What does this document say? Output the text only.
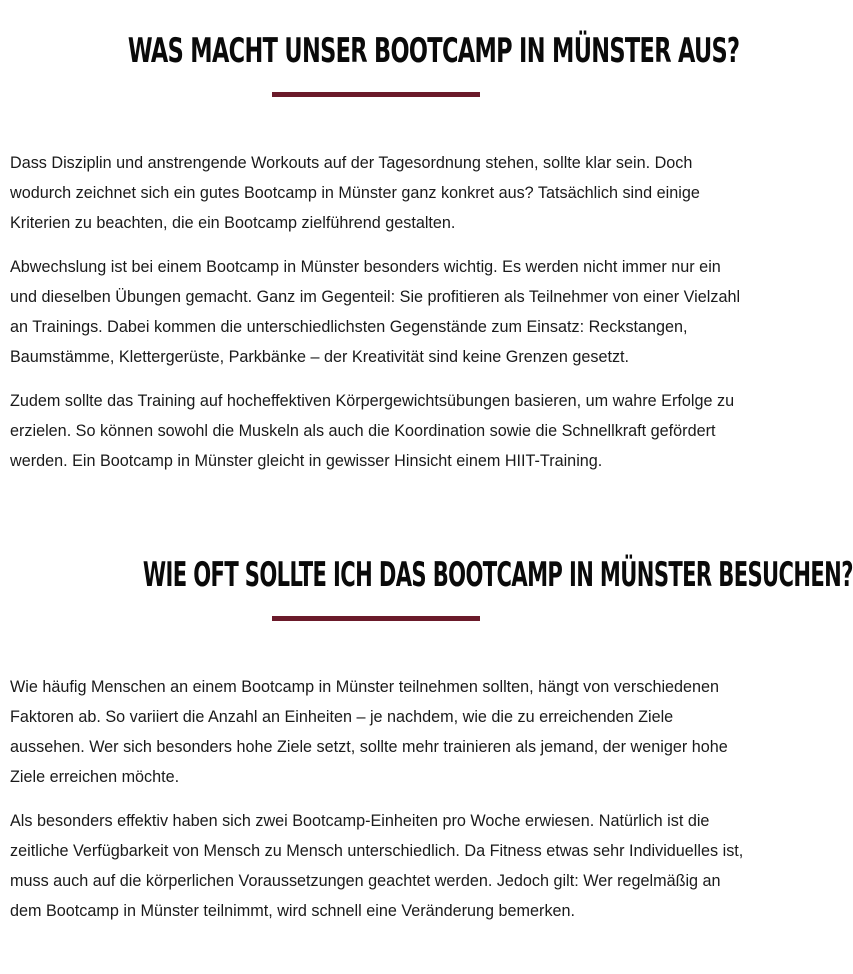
WAS MACHT UNSER BOOTCAMP IN MÜNSTER AUS?

Dass Disziplin und anstrengende Workouts auf der Tagesordnung stehen, sollte klar sein. Doch wodurch zeichnet sich ein gutes Bootcamp in Münster ganz konkret aus? Tatsächlich sind einige Kriterien zu beachten, die ein Bootcamp zielführend gestalten.

Abwechslung ist bei einem Bootcamp in Münster besonders wichtig. Es werden nicht immer nur ein und dieselben Übungen gemacht. Ganz im Gegenteil: Sie profitieren als Teilnehmer von einer Vielzahl an Trainings. Dabei kommen die unterschiedlichsten Gegenstände zum Einsatz: Reckstangen, Baumstämme, Klettergerüste, Parkbänke – der Kreativität sind keine Grenzen gesetzt.

Zudem sollte das Training auf hocheffektiven Körpergewichtsübungen basieren, um wahre Erfolge zu erzielen. So können sowohl die Muskeln als auch die Koordination sowie die Schnellkraft gefördert werden. Ein Bootcamp in Münster gleicht in gewisser Hinsicht einem HIIT-Training.

WIE OFT SOLLTE ICH DAS BOOTCAMP IN MÜNSTER BESUCHEN?

Wie häufig Menschen an einem Bootcamp in Münster teilnehmen sollten, hängt von verschiedenen Faktoren ab. So variiert die Anzahl an Einheiten – je nachdem, wie die zu erreichenden Ziele aussehen. Wer sich besonders hohe Ziele setzt, sollte mehr trainieren als jemand, der weniger hohe Ziele erreichen möchte.

Als besonders effektiv haben sich zwei Bootcamp-Einheiten pro Woche erwiesen. Natürlich ist die zeitliche Verfügbarkeit von Mensch zu Mensch unterschiedlich. Da Fitness etwas sehr Individuelles ist, muss auch auf die körperlichen Voraussetzungen geachtet werden. Jedoch gilt: Wer regelmäßig an dem Bootcamp in Münster teilnimmt, wird schnell eine Veränderung bemerken.
